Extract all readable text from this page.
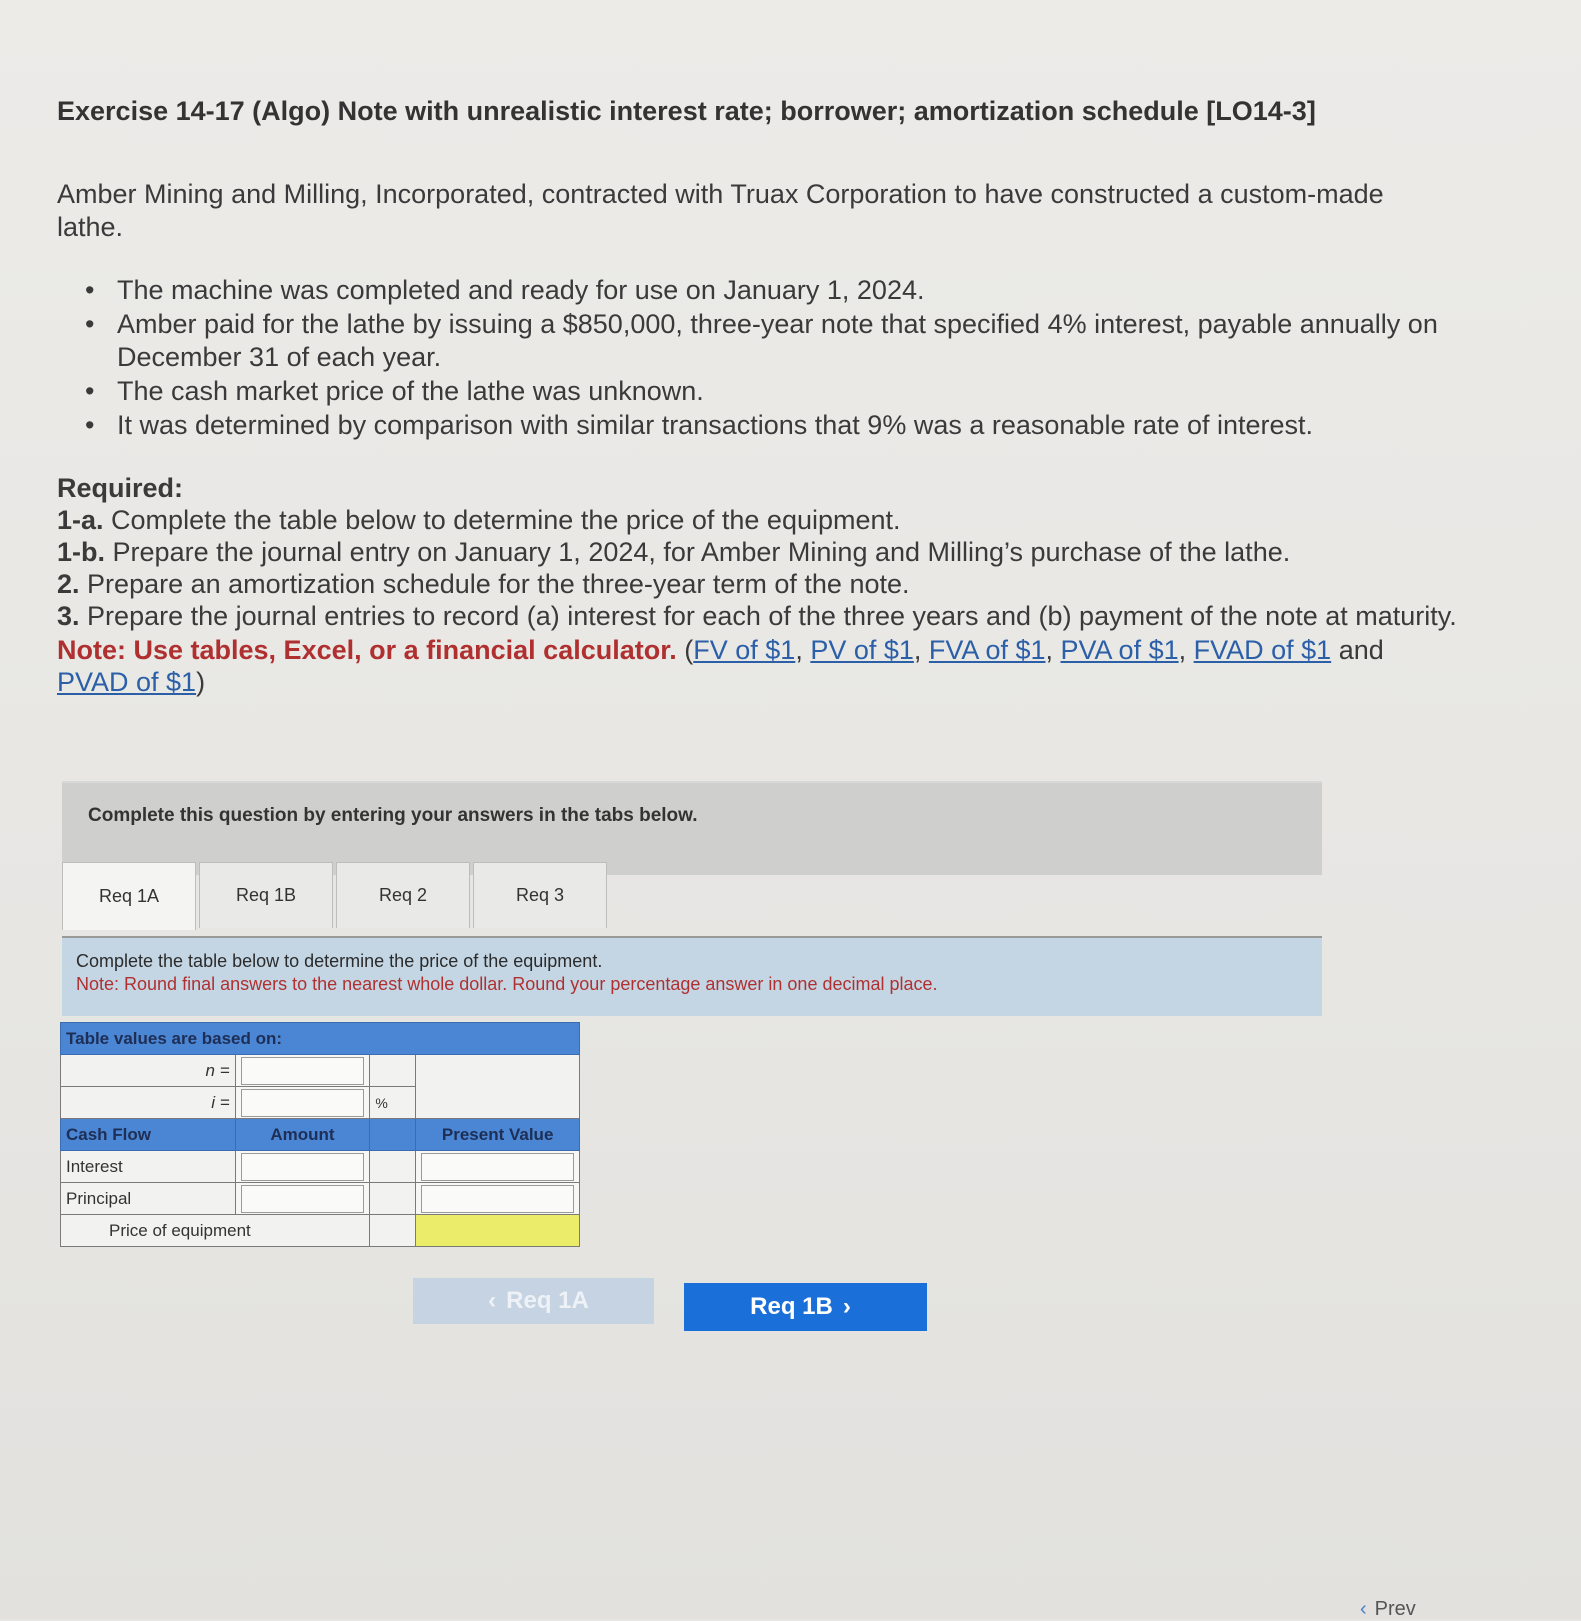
Exercise 14-17 (Algo) Note with unrealistic interest rate; borrower; amortization schedule [LO14-3]
Amber Mining and Milling, Incorporated, contracted with Truax Corporation to have constructed a custom-made lathe.
• The machine was completed and ready for use on January 1, 2024.
• Amber paid for the lathe by issuing a $850,000, three-year note that specified 4% interest, payable annually on December 31 of each year.
• The cash market price of the lathe was unknown.
• It was determined by comparison with similar transactions that 9% was a reasonable rate of interest.
Required:
1-a. Complete the table below to determine the price of the equipment.
1-b. Prepare the journal entry on January 1, 2024, for Amber Mining and Milling’s purchase of the lathe.
2. Prepare an amortization schedule for the three-year term of the note.
3. Prepare the journal entries to record (a) interest for each of the three years and (b) payment of the note at maturity.
Note: Use tables, Excel, or a financial calculator. (FV of $1, PV of $1, FVA of $1, PVA of $1, FVAD of $1 and PVAD of $1)
Complete this question by entering your answers in the tabs below.
Req 1A	Req 1B	Req 2	Req 3
Complete the table below to determine the price of the equipment.
Note: Round final answers to the nearest whole dollar. Round your percentage answer in one decimal place.
Table values are based on:			
n =	

i =		%	
Cash Flow	Amount		Present Value
Interest	

Principal	

Price of equipment			
‹ Req 1A	Req 1B ›
‹ Prev
